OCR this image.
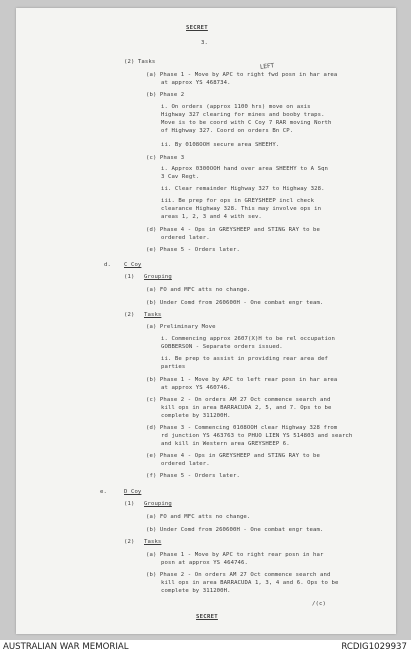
SECRET

3.

LEFT

(2) Tasks

(a) Phase 1 - Move by APC to right fwd posn in har area

at approx YS 468734.

(b) Phase 2

i. On orders (approx 1100 hrs) move on axis

Highway 327 clearing for mines and booby traps.

Move is to be coord with C Coy 7 RAR moving North

of Highway 327. Coord on orders Bn CP.

ii. By 0108OOH secure area SHEEHY.

(c) Phase 3

i. Approx 0300OOH hand over area SHEEHY to A Sqn

3 Cav Regt.

ii. Clear remainder Highway 327 to Highway 328.

iii. Be prep for ops in GREYSHEEP incl check

clearance Highway 328. This may involve ops in

areas 1, 2, 3 and 4 with sev.

(d) Phase 4 - Ops in GREYSHEEP and STING RAY to be

ordered later.

(e) Phase 5 - Orders later.

d. C Coy

(1) Grouping

(a) FO and MFC atts no change.

(b) Under Comd from 260600H - One combat engr team.

(2) Tasks

(a) Preliminary Move

i. Commencing approx 2607(X)H to be rel occupation

GOBBERSON - Separate orders issued.

ii. Be prep to assist in providing rear area def

parties

(b) Phase 1 - Move by APC to left rear posn in har area

at approx YS 460746.

(c) Phase 2 - On orders AM 27 Oct commence search and

kill ops in area BARRACUDA 2, 5, and 7. Ops to be

complete by 311200H.

(d) Phase 3 - Commencing 0108OOH clear Highway 328 from

rd junction YS 463763 to PHUO LIEN YS 514803 and search

and kill in Western area GREYSHEEP 6.

(e) Phase 4 - Ops in GREYSHEEP and STING RAY to be

ordered later.

(f) Phase 5 - Orders later.

e.	D Coy

(1) Grouping

(a) FO and MFC atts no change.

(b) Under Comd from 260600H - One combat engr team.

(2) Tasks

(a) Phase 1 - Move by APC to right rear posn in har

posn at approx YS 464746.

(b) Phase 2 - On orders AM 27 Oct commence search and

kill ops in area BARRACUDA 1, 3, 4 and 6. Ops to be

complete by 311200H.

/(c)

SECRET

AUSTRALIAN WAR MEMORIAL	RCDIG1029937
